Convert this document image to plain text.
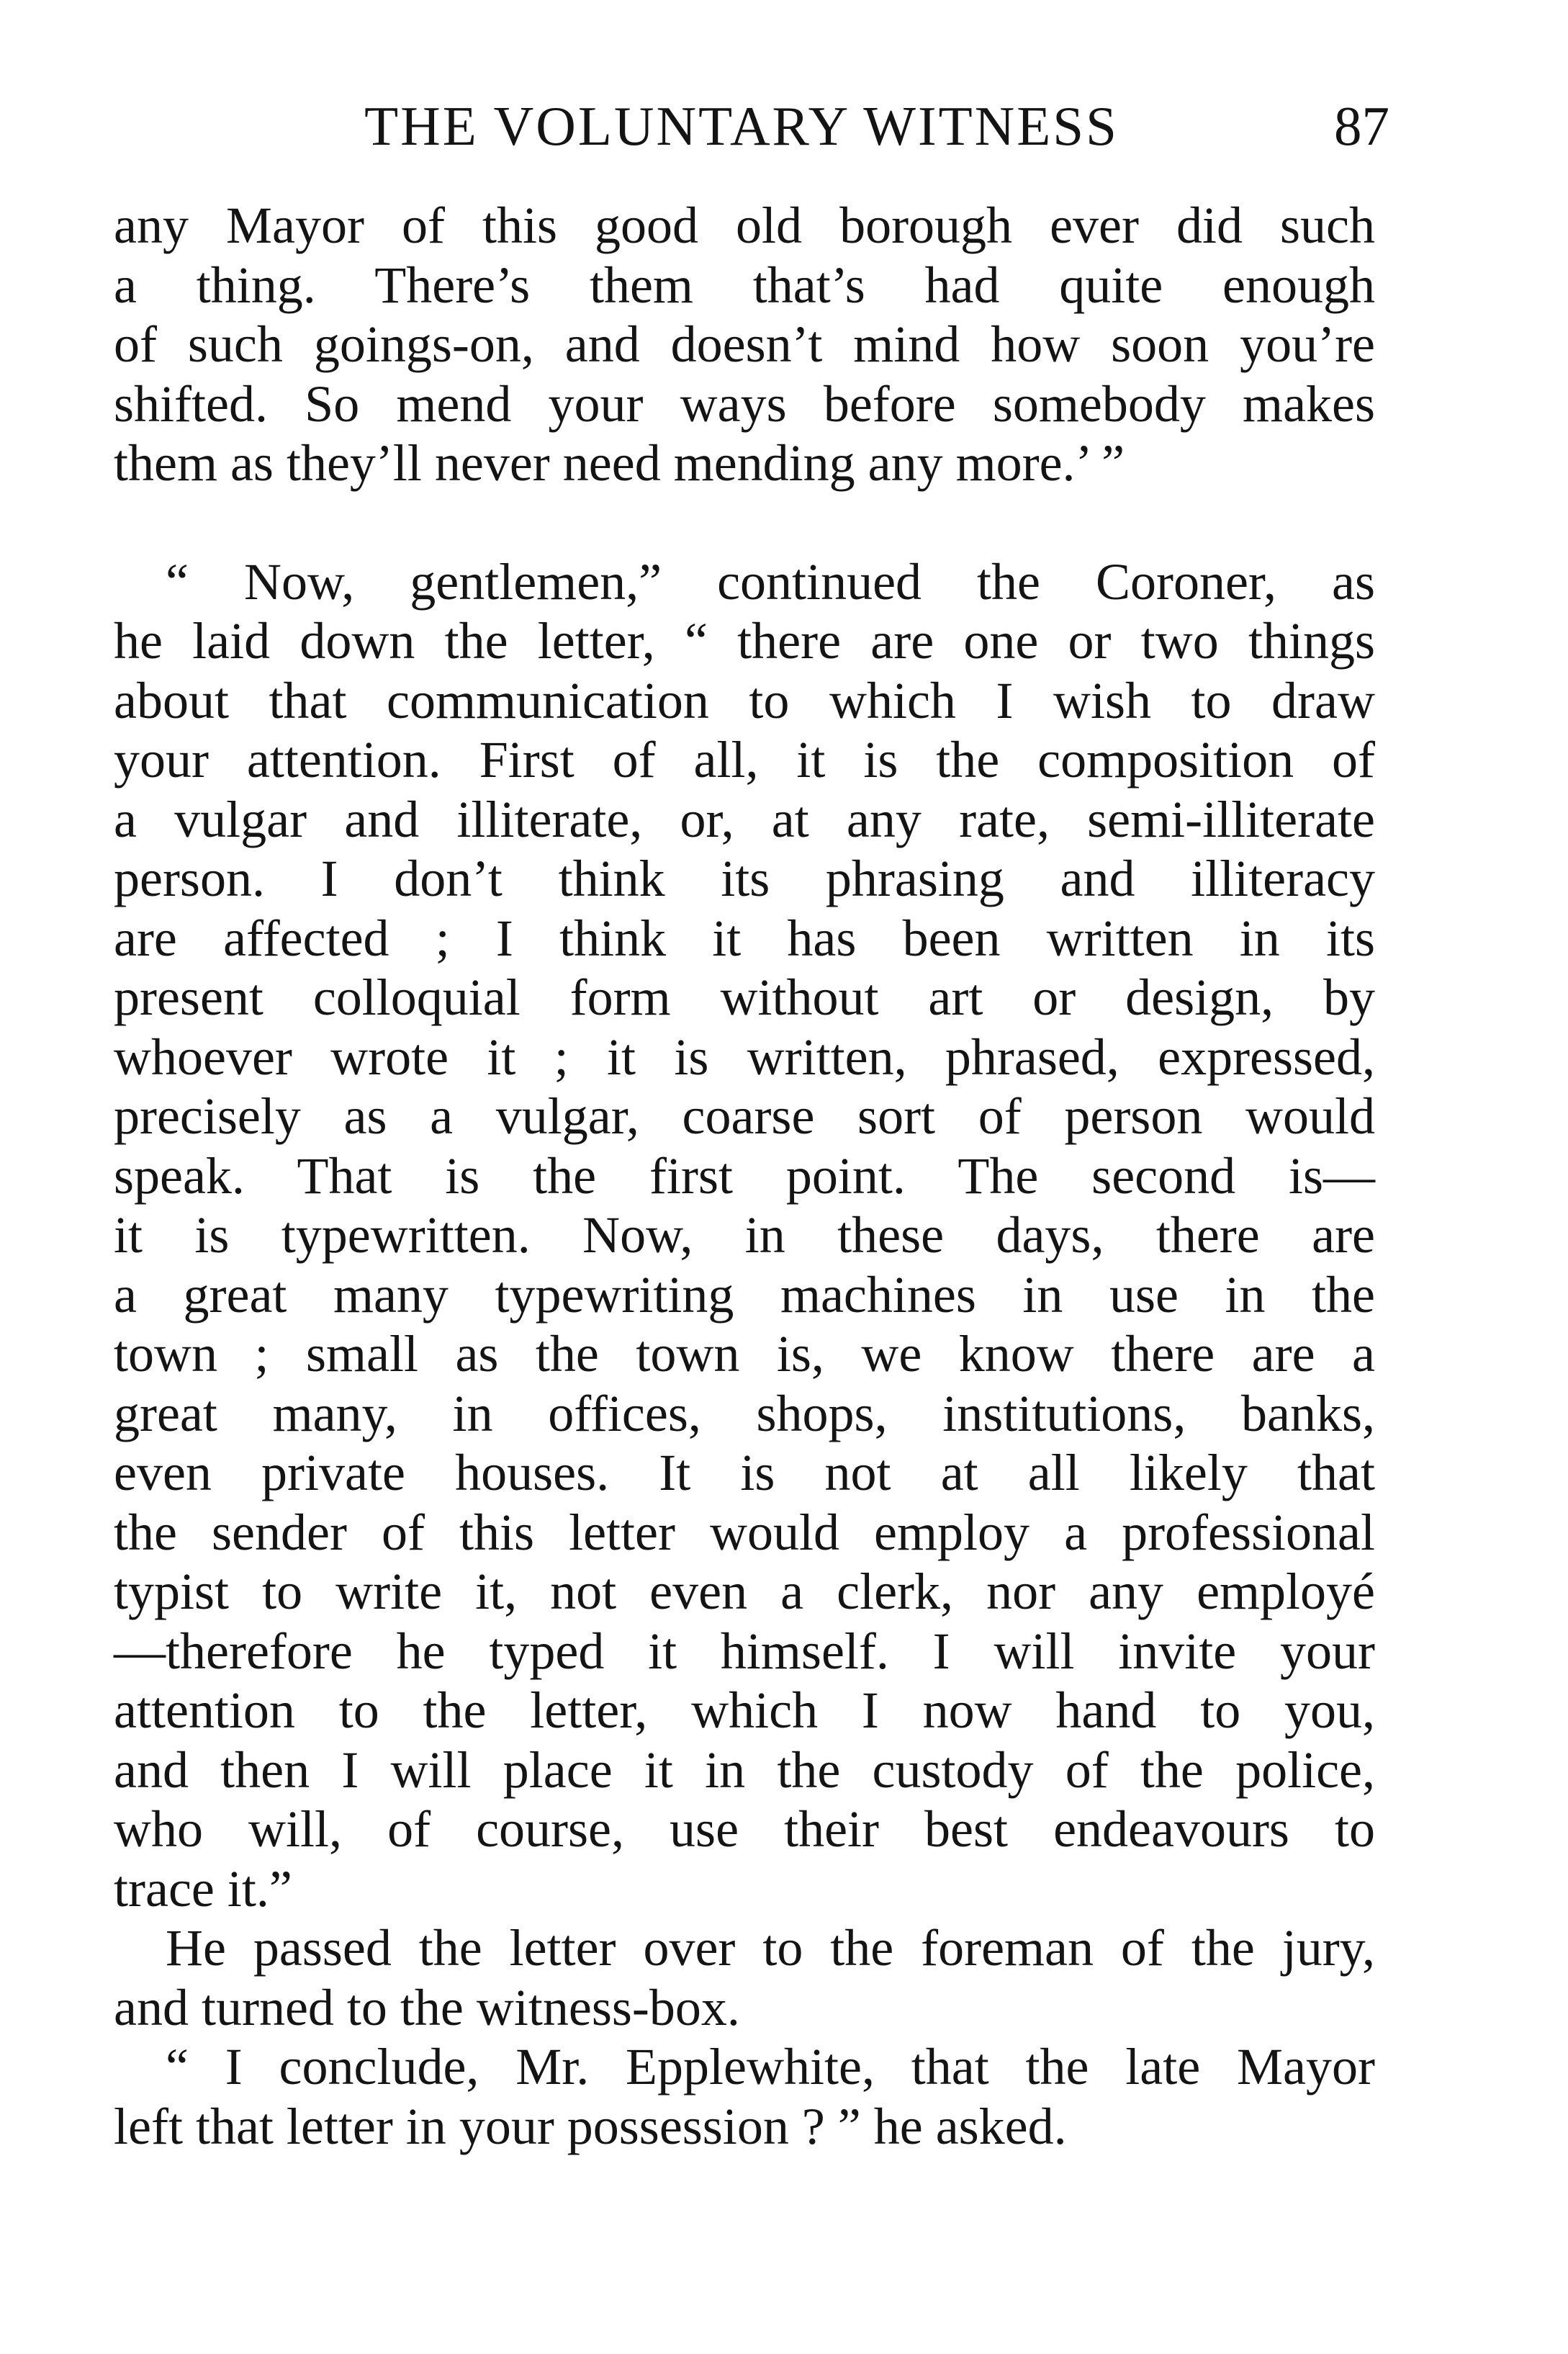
THE VOLUNTARY WITNESS	87

any Mayor of this good old borough ever did such

a thing. There’s them that’s had quite enough

of such goings-on, and doesn’t mind how soon you’re

shifted. So mend your ways before somebody makes

them as they’ll never need mending any more.’ ”

“ Now, gentlemen,” continued the Coroner, as

he laid down the letter, “ there are one or two things

about that communication to which I wish to draw

your attention. First of all, it is the composition of

a vulgar and illiterate, or, at any rate, semi-illiterate

person. I don’t think its phrasing and illiteracy

are affected ; I think it has been written in its

present colloquial form without art or design, by

whoever wrote it ; it is written, phrased, expressed,

precisely as a vulgar, coarse sort of person would

speak. That is the first point. The second is—

it is typewritten. Now, in these days, there are

a great many typewriting machines in use in the

town ; small as the town is, we know there are a

great many, in offices, shops, institutions, banks,

even private houses. It is not at all likely that

the sender of this letter would employ a professional

typist to write it, not even a clerk, nor any employé

—therefore he typed it himself. I will invite your

attention to the letter, which I now hand to you,

and then I will place it in the custody of the police,

who will, of course, use their best endeavours to

trace it.”

He passed the letter over to the foreman of the jury,

and turned to the witness-box.

“ I conclude, Mr. Epplewhite, that the late Mayor

left that letter in your possession ? ” he asked.
